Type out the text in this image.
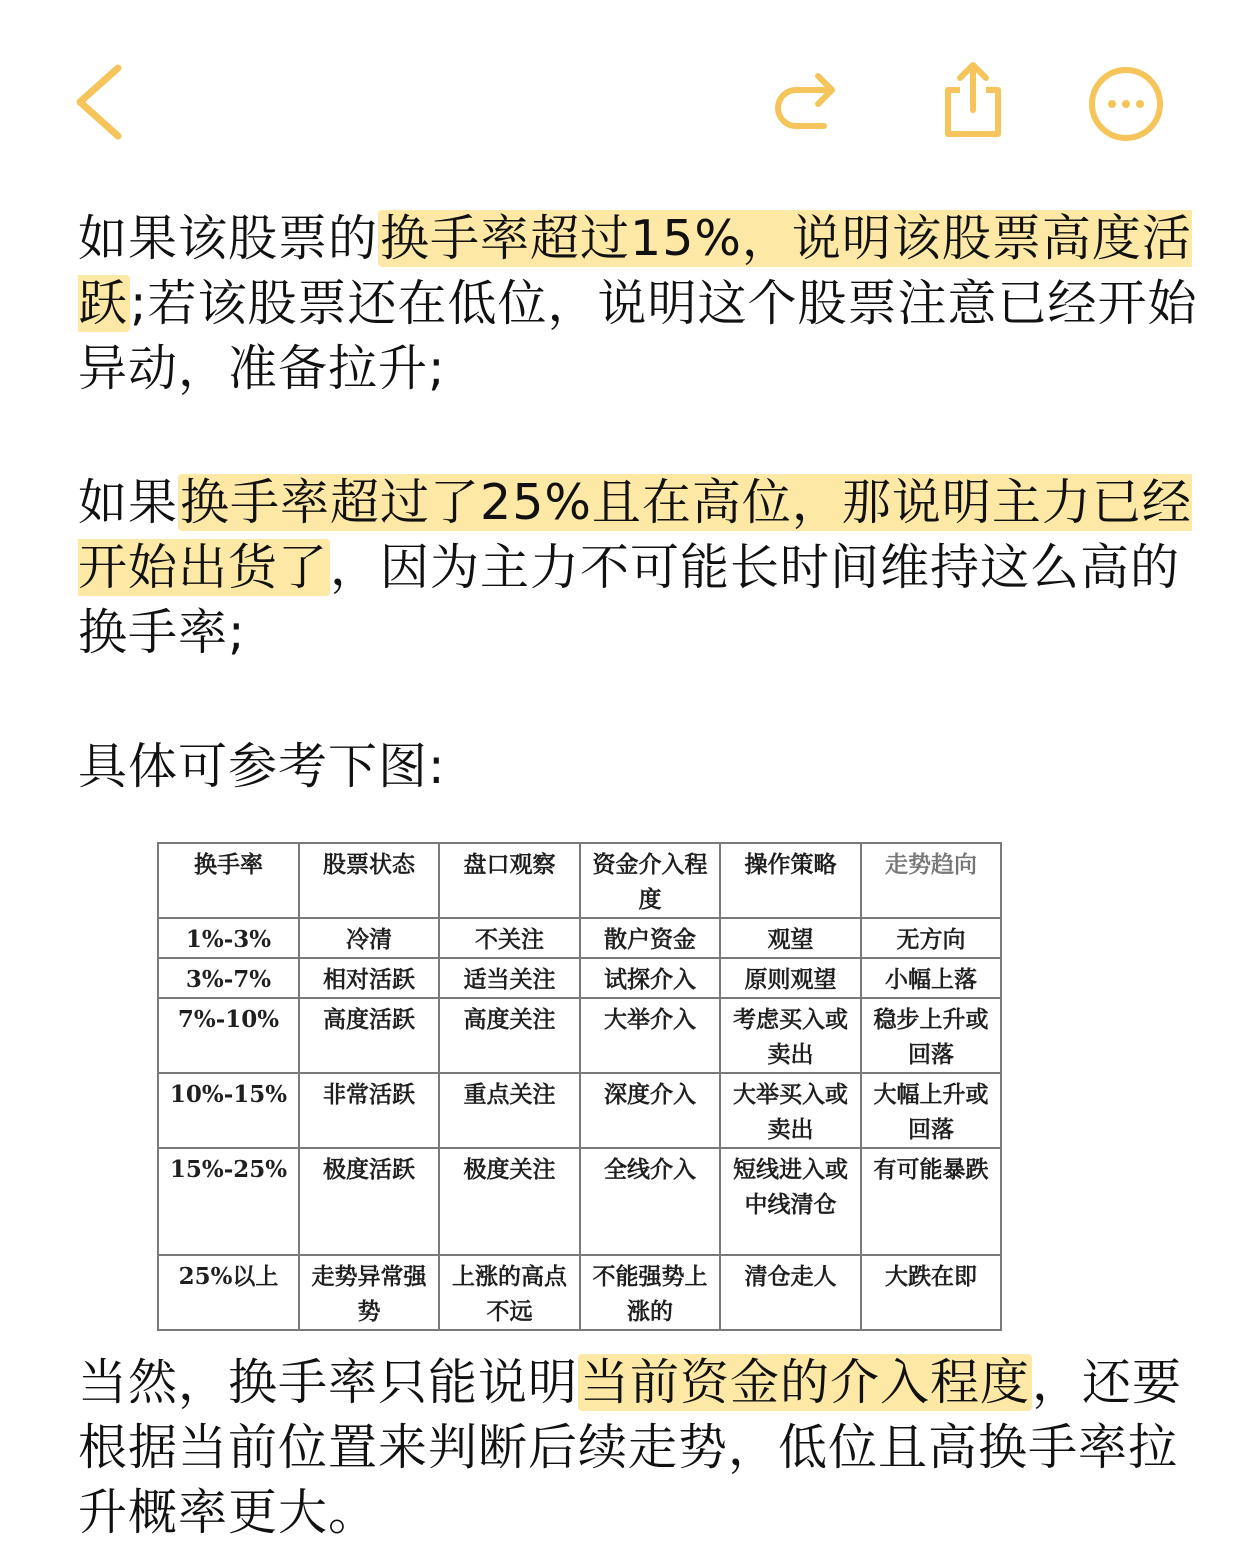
如果该股票的换手率超过15%，说明该股票高度活跃;若该股票还在低位，说明这个股票注意已经开始异动，准备拉升;

如果换手率超过了25%且在高位，那说明主力已经开始出货了，因为主力不可能长时间维持这么高的换手率;

具体可参考下图:

换手率	股票状态	盘口观察	资金介入程度	操作策略	走势趋向
1%-3%	冷清	不关注	散户资金	观望	无方向
3%-7%	相对活跃	适当关注	试探介入	原则观望	小幅上落
7%-10%	高度活跃	高度关注	大举介入	考虑买入或卖出	稳步上升或回落
10%-15%	非常活跃	重点关注	深度介入	大举买入或卖出	大幅上升或回落
15%-25%	极度活跃	极度关注	全线介入	短线进入或中线清仓	有可能暴跌
25%以上	走势异常强势	上涨的高点不远	不能强势上涨的	清仓走人	大跌在即

当然，换手率只能说明当前资金的介入程度，还要根据当前位置来判断后续走势，低位且高换手率拉升概率更大。
